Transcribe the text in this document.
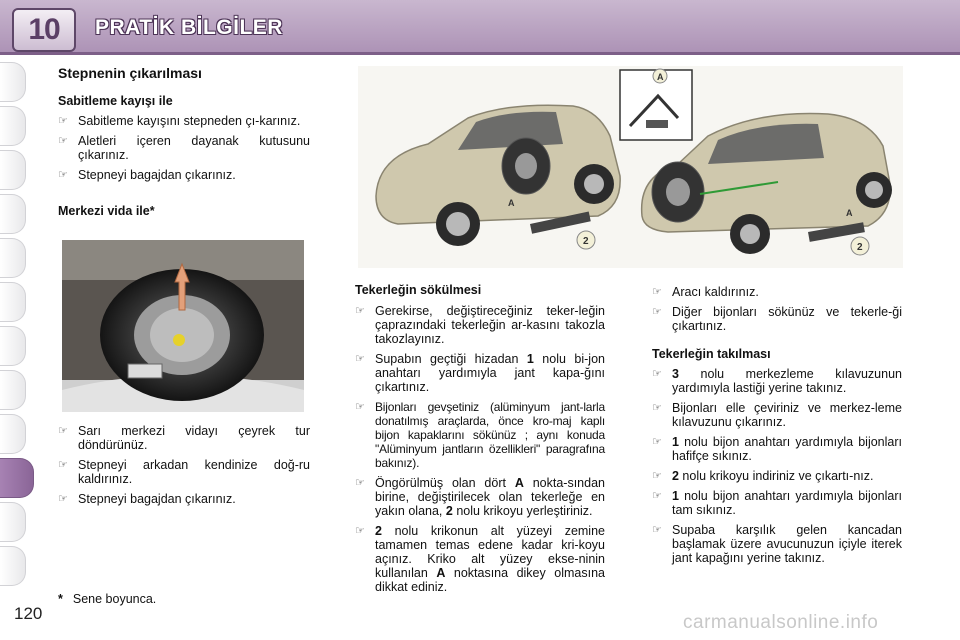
10	PRATİK BİLGİLER
Stepnenin çıkarılması
Sabitleme kayışı ile
☞ Sabitleme kayışını stepneden çı-karınız.
☞ Aletleri içeren dayanak kutusunu çıkarınız.
☞ Stepneyi bagajdan çıkarınız.
Merkezi vida ile*
☞ Sarı merkezi vidayı çeyrek tur döndürünüz.
☞ Stepneyi arkadan kendinize doğ-ru kaldırınız.
☞ Stepneyi bagajdan çıkarınız.
* Sene boyunca.
A
2
A
A
2
Tekerleğin sökülmesi
☞ Gerekirse, değiştireceğiniz teker-leğin çaprazındaki tekerleğin ar-kasını takozla takozlayınız.
☞ Supabın geçtiği hizadan 1 nolu bi-jon anahtarı yardımıyla jant kapa-ğını çıkartınız.
☞ Bijonları gevşetiniz (alüminyum jant-larla donatılmış araçlarda, önce kro-maj kaplı bijon kapaklarını sökünüz ; aynı konuda "Alüminyum jantların özellikleri" paragrafına bakınız).
☞ Öngörülmüş olan dört A nokta-sından birine, değiştirilecek olan tekerleğe en yakın olana, 2 nolu krikoyu yerleştiriniz.
☞ 2 nolu krikonun alt yüzeyi zemine tamamen temas edene kadar kri-koyu açınız. Kriko alt yüzey ekse-ninin kullanılan A noktasına dikey olmasına dikkat ediniz.
☞ Aracı kaldırınız.
☞ Diğer bijonları sökünüz ve tekerle-ği çıkartınız.
Tekerleğin takılması
☞ 3 nolu merkezleme kılavuzunun yardımıyla lastiği yerine takınız.
☞ Bijonları elle çeviriniz ve merkez-leme kılavuzunu çıkarınız.
☞ 1 nolu bijon anahtarı yardımıyla bijonları hafifçe sıkınız.
☞ 2 nolu krikoyu indiriniz ve çıkartı-nız.
☞ 1 nolu bijon anahtarı yardımıyla bijonları tam sıkınız.
☞ Supaba karşılık gelen kancadan başlamak üzere avucunuzun içiyle iterek jant kapağını yerine takınız.
120	carmanualsonline.info
